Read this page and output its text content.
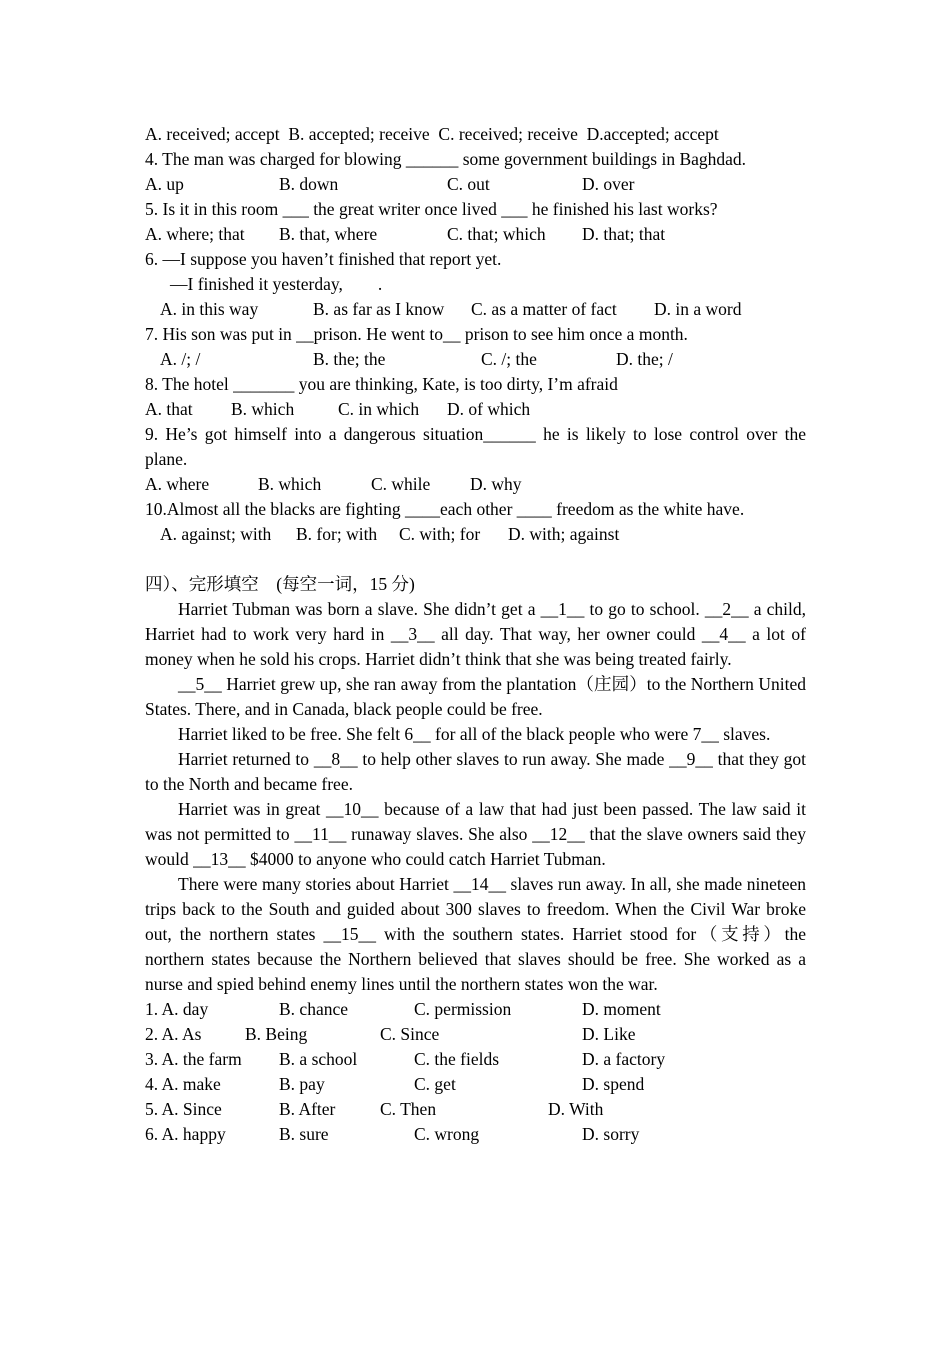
A. received; accept  B. accepted; receive  C. received; receive  D.accepted; accept
4. The man was charged for blowing ______ some government buildings in Baghdad.

A. up

	B. down

	C. out

	D. over

5. Is it in this room ___ the great writer once lived ___ he finished his last works?

A. where; that

B. that, where

	C. that; which

D. that; that

6. —I suppose you haven’t finished that report yet.
—I finished it yesterday,        .

A. in this way

	B. as far as I know

C. as a matter of fact

D. in a word

7. His son was put in __prison. He went to__ prison to see him once a month.

A. /; /

	B. the; the

	C. /; the

	D. the; /

8. The hotel _______ you are thinking, Kate, is too dirty, I’m afraid

A. that

B. which

	C. in which

D. of which

9. He’s got himself into a dangerous situation______ he is likely to lose control over the plane.

A. where

	B. which

	C. while

D. why

10.Almost all the blacks are fighting ____each other ____ freedom as the white have.

A. against; with

B. for; with

C. with; for

D. with; against

四）、完形填空    (每空一词，15 分)
Harriet Tubman was born a slave. She didn’t get a __1__ to go to school. __2__ a child, Harriet had to work very hard in __3__ all day. That way, her owner could __4__ a lot of money when he sold his crops. Harriet didn’t think that she was being treated fairly.
__5__ Harriet grew up, she ran away from the plantation（庄园）to the Northern United States. There, and in Canada, black people could be free.
Harriet liked to be free. She felt 6__ for all of the black people who were 7__ slaves.
Harriet returned to __8__ to help other slaves to run away. She made __9__ that they got to the North and became free.
Harriet was in great __10__ because of a law that had just been passed. The law said it was not permitted to __11__ runaway slaves. She also __12__ that the slave owners said they would __13__ $4000 to anyone who could catch Harriet Tubman.
There were many stories about Harriet __14__ slaves run away. In all, she made nineteen trips back to the South and guided about 300 slaves to freedom. When the Civil War broke out, the northern states __15__ with the southern states. Harriet stood for（支持）the northern states because the Northern believed that slaves should be free. She worked as a nurse and spied behind enemy lines until the northern states won the war.

1. A. day

	B. chance

	C. permission

	D. moment

2. A. As

B. Being

	C. Since

	D. Like

3. A. the farm

B. a school

	C. the fields

	D. a factory

4. A. make

	B. pay

	C. get

	D. spend

5. A. Since

	B. After

	C. Then

	D. With

6. A. happy

	B. sure

	C. wrong

	D. sorry
